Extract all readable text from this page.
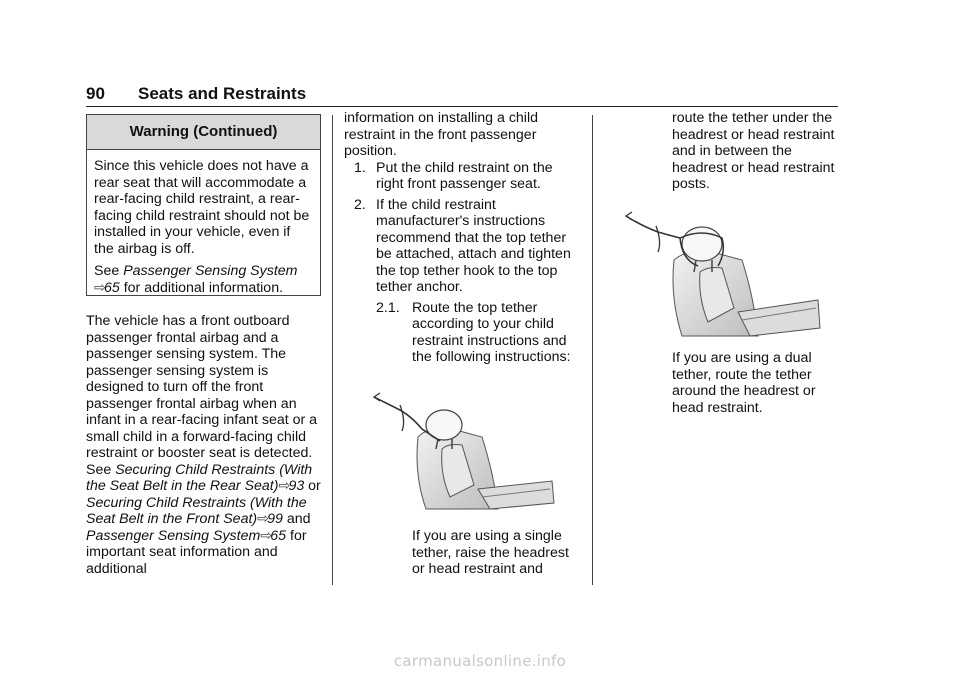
90 Seats and Restraints
Warning (Continued)

Since this vehicle does not have a rear seat that will accommodate a rear-facing child restraint, a rear-facing child restraint should not be installed in your vehicle, even if the airbag is off.

See Passenger Sensing System
⇨65 for additional information.

The vehicle has a front outboard passenger frontal airbag and a passenger sensing system. The passenger sensing system is designed to turn off the front passenger frontal airbag when an infant in a rear-facing infant seat or a small child in a forward-facing child restraint or booster seat is detected. See Securing Child Restraints (With the Seat Belt in the Rear Seat)⇨93 or Securing Child Restraints (With the Seat Belt in the Front Seat)⇨99 and Passenger Sensing System⇨65 for important seat information and additional

information on installing a child restraint in the front passenger position.

1. Put the child restraint on the right front passenger seat.
2. If the child restraint manufacturer's instructions recommend that the top tether be attached, attach and tighten the top tether hook to the top tether anchor.
2.1. Route the top tether according to your child restraint instructions and the following instructions:

If you are using a single tether, raise the headrest or head restraint and

route the tether under the headrest or head restraint and in between the headrest or head restraint posts.

If you are using a dual tether, route the tether around the headrest or head restraint.

carmanualsonline.info
